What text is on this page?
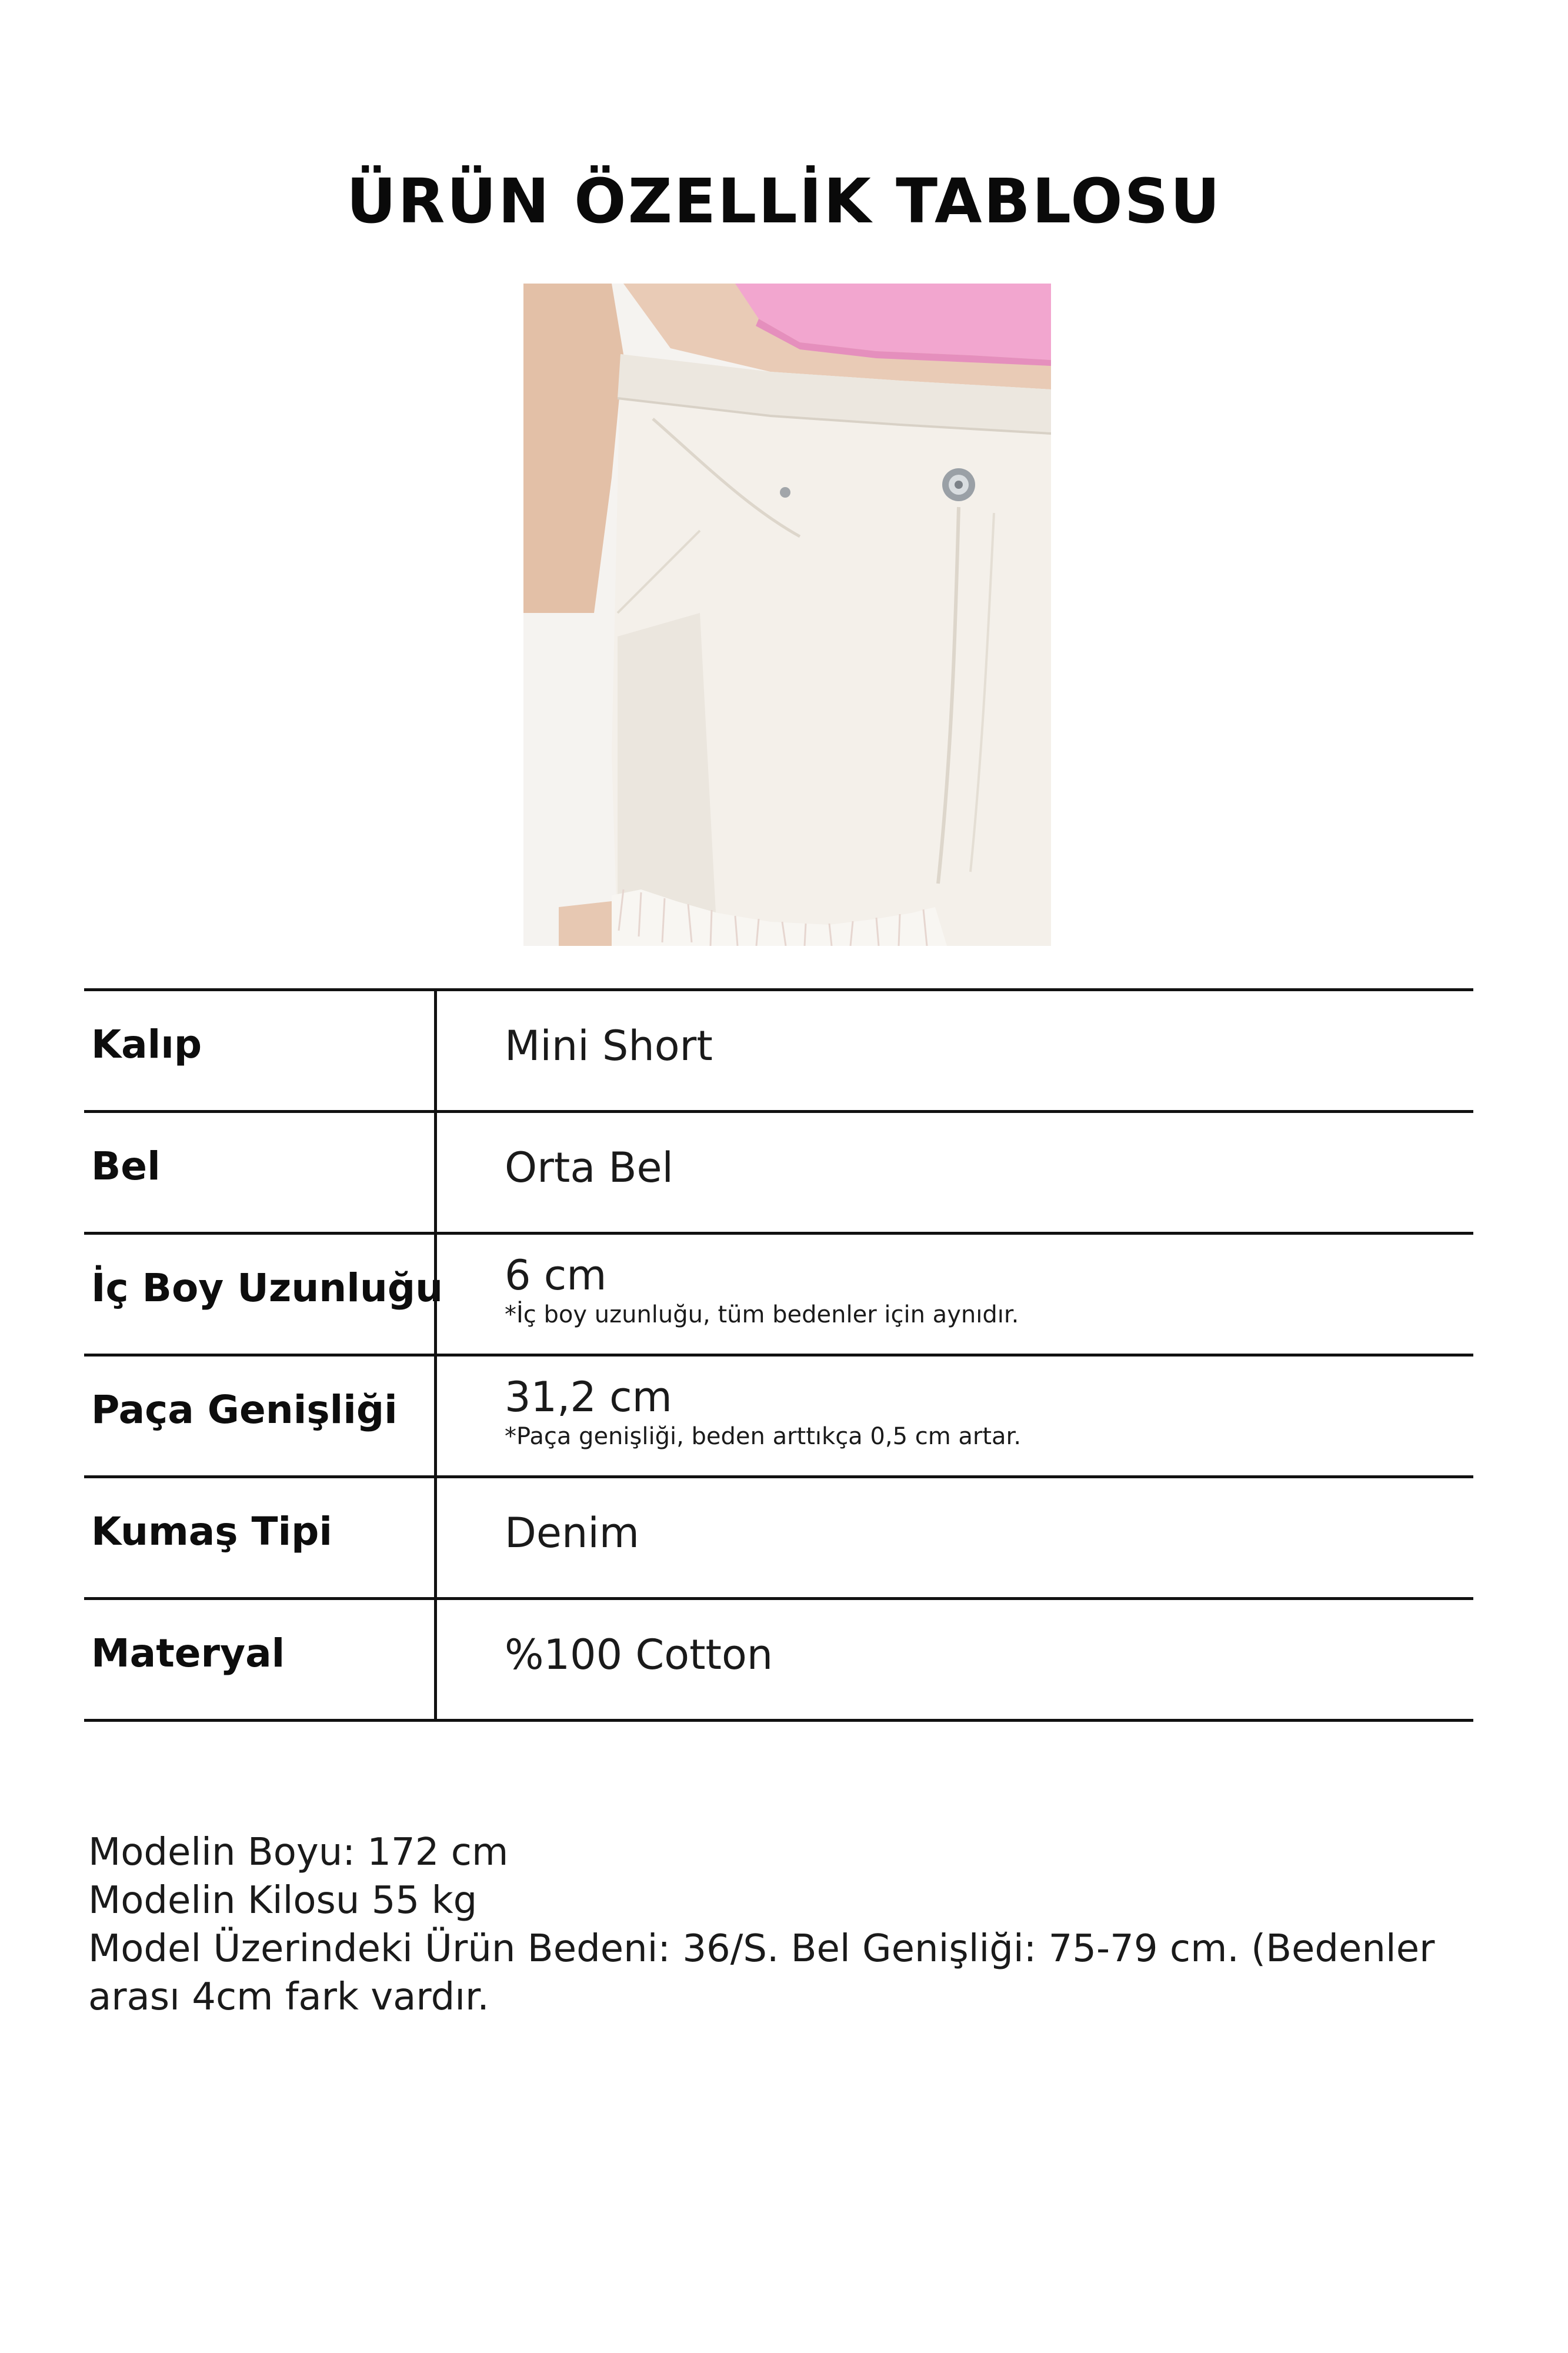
ÜRÜN ÖZELLİK TABLOSU
Kalıp	Mini Short
Bel	Orta Bel
İç Boy Uzunluğu 6 cm
*İç boy uzunluğu, tüm bedenler için aynıdır.
Paça Genişliği	31,2 cm
*Paça genişliği, beden arttıkça 0,5 cm artar.
Kumaş Tipi	Denim
Materyal	%100 Cotton
Modelin Boyu: 172 cm
Modelin Kilosu 55 kg
Model Üzerindeki Ürün Bedeni: 36/S. Bel Genişliği: 75-79 cm. (Bedenler arası 4cm fark vardır.
